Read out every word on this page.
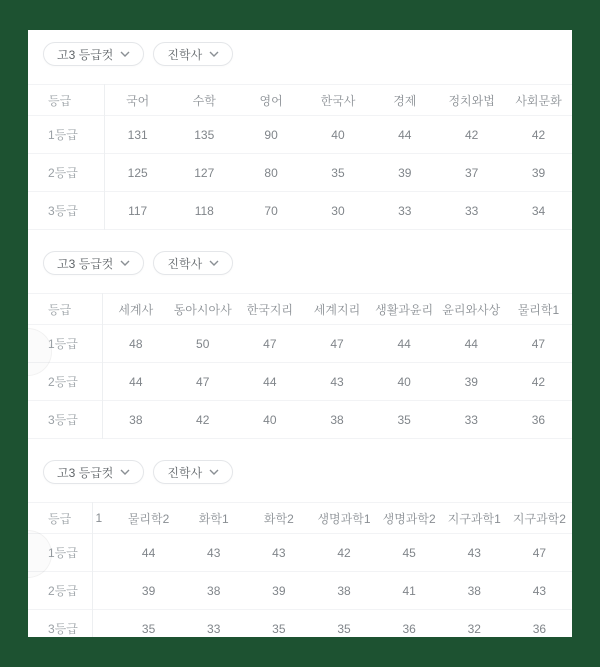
고3 등급컷	진학사
등급	국어	수학	영어	한국사	경제	정치와법	사회문화
1등급	131	135	90	40	44	42	42
2등급	125	127	80	35	39	37	39
3등급	117	118	70	30	33	33	34
고3 등급컷	진학사
등급	세계사	동아시아사	한국지리	세계지리	생활과윤리	윤리와사상	물리학1
1등급	48	50	47	47	44	44	47
2등급	44	47	44	43	40	39	42
3등급	38	42	40	38	35	33	36
고3 등급컷	진학사
등급	1	물리학2	화학1	화학2	생명과학1	생명과학2	지구과학1	지구과학2
1등급		44	43	43	42	45	43	47
2등급		39	38	39	38	41	38	43
3등급		35	33	35	35	36	32	36
